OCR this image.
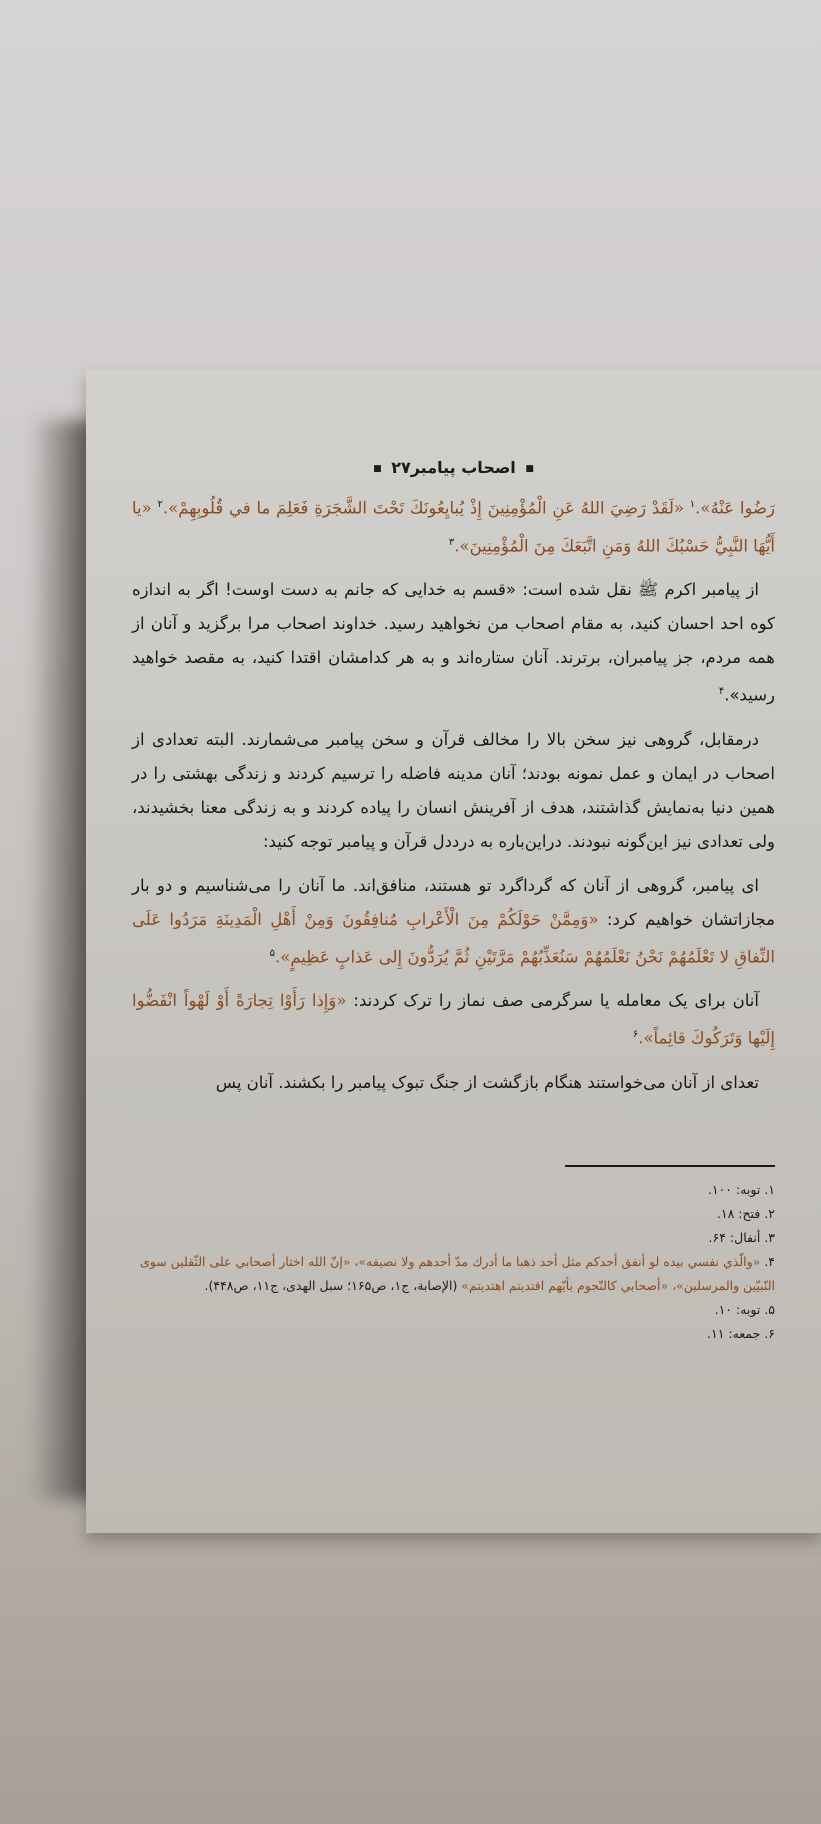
■ اصحاب پیامبر۲۷ ■

رَضُوا عَنْهُ».$^۱$ «لَقَدْ رَضِيَ اللهُ عَنِ الْمُؤْمِنِينَ إِذْ يُبايِعُونَكَ تَحْتَ الشَّجَرَةِ فَعَلِمَ ما في قُلُوبِهِمْ».$^۲$ «يا أَيُّهَا النَّبِيُّ حَسْبُكَ اللهُ وَمَنِ اتَّبَعَكَ مِنَ الْمُؤْمِنِينَ».$^۳$

از پیامبر اکرم ﷺ نقل شده است: «قسم به خدایی که جانم به دست اوست! اگر به اندازه کوه احد احسان کنید، به مقام اصحاب من نخواهید رسید. خداوند اصحاب مرا برگزید و آنان از همه مردم، جز پیامبران، برترند. آنان ستاره‌اند و به هر کدامشان اقتدا کنید، به مقصد خواهید رسید».$^۴$

درمقابل، گروهی نیز سخن بالا را مخالف قرآن و سخن پیامبر می‌شمارند. البته تعدادی از اصحاب در ایمان و عمل نمونه بودند؛ آنان مدینه فاضله را ترسیم کردند و زندگی بهشتی را در همین دنیا به‌نمایش گذاشتند، هدف از آفرینش انسان را پیاده کردند و به زندگی معنا بخشیدند، ولی تعدادی نیز این‌گونه نبودند. دراین‌باره به درددل قرآن و پیامبر توجه کنید:

ای پیامبر، گروهی از آنان که گرداگرد تو هستند، منافق‌اند. ما آنان را می‌شناسیم و دو بار مجازاتشان خواهیم کرد: «وَمِمَّنْ حَوْلَكُمْ مِنَ الْأَعْرابِ مُنافِقُونَ وَمِنْ أَهْلِ الْمَدِينَةِ مَرَدُوا عَلَى النِّفاقِ لا تَعْلَمُهُمْ نَحْنُ نَعْلَمُهُمْ سَنُعَذِّبُهُمْ مَرَّتَيْنِ ثُمَّ يُرَدُّونَ إِلى عَذابٍ عَظِيمٍ».$^۵$

آنان برای یک معامله یا سرگرمی صف نماز را ترک کردند: «وَإِذا رَأَوْا تِجارَةً أَوْ لَهْواً انْفَضُّوا إِلَيْها وَتَرَكُوكَ قائِماً».$^۶$

تعدای از آنان می‌خواستند هنگام بازگشت از جنگ تبوک پیامبر را بکشند. آنان پس

۱. توبه: ۱۰۰.

۲. فتح: ۱۸.

۳. أنفال: ۶۴.

۴. «والّذي نفسي بيده لو أنفق أحدكم مثل أحد ذهبا ما أدرك مدّ أحدهم ولا نصيفه»، «إنّ الله اختار أصحابي على الثّقلين سوى النّبيّين والمرسلين»، «أصحابي كالنّجوم بأيّهم اقتديتم اهتديتم» (الإصابة، ج۱، ص۱۶۵؛ سبل الهدی، ج۱۱، ص۴۴۸).

۵. توبه: ۱۰.

۶. جمعه: ۱۱.
